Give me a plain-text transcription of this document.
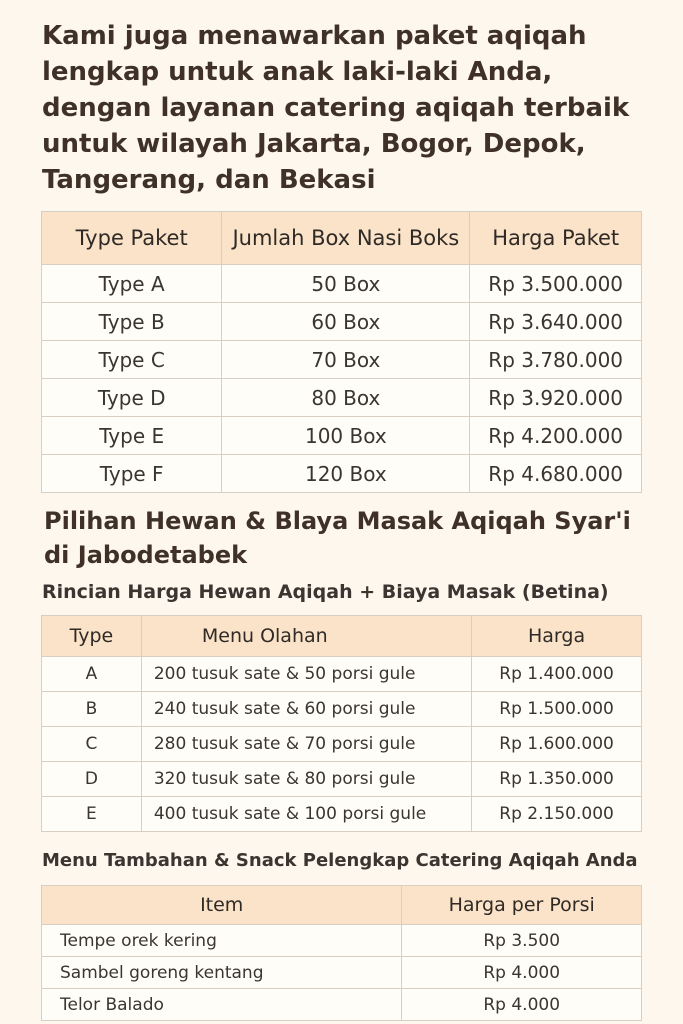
Kami juga menawarkan paket aqiqah lengkap untuk anak laki-laki Anda, dengan layanan catering aqiqah terbaik untuk wilayah Jakarta, Bogor, Depok, Tangerang, dan Bekasi

Type Paket	Jumlah Box Nasi Boks	Harga Paket
Type A	50 Box	Rp 3.500.000
Type B	60 Box	Rp 3.640.000
Type C	70 Box	Rp 3.780.000
Type D	80 Box	Rp 3.920.000
Type E	100 Box	Rp 4.200.000
Type F	120 Box	Rp 4.680.000

Pilihan Hewan & Blaya Masak Aqiqah Syar'i di Jabodetabek

Rincian Harga Hewan Aqiqah + Biaya Masak (Betina)

Type	Menu Olahan	Harga
A	200 tusuk sate & 50 porsi gule	Rp 1.400.000
B	240 tusuk sate & 60 porsi gule	Rp 1.500.000
C	280 tusuk sate & 70 porsi gule	Rp 1.600.000
D	320 tusuk sate & 80 porsi gule	Rp 1.350.000
E	400 tusuk sate & 100 porsi gule	Rp 2.150.000

Menu Tambahan & Snack Pelengkap Catering Aqiqah Anda

Item	Harga per Porsi
Tempe orek kering	Rp 3.500
Sambel goreng kentang	Rp 4.000
Telor Balado	Rp 4.000
